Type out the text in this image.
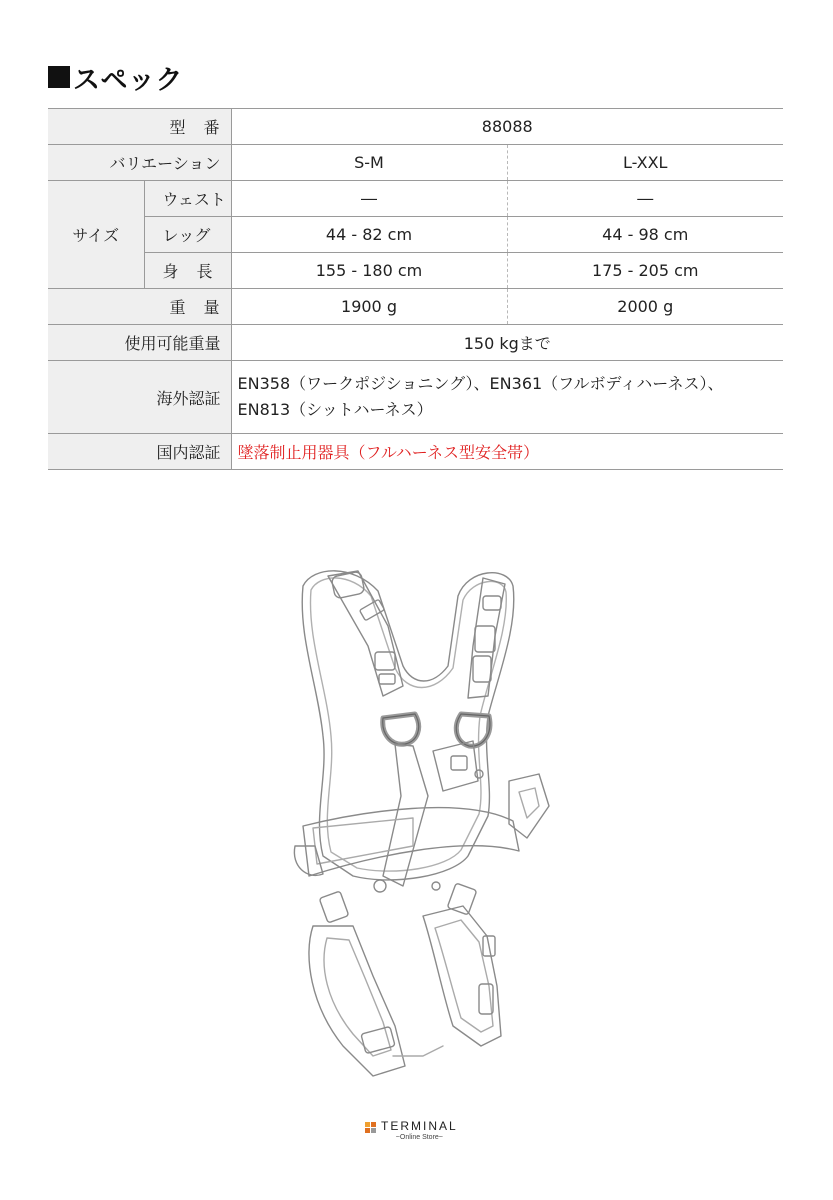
スペック
型　番		88088	
バリエーション		S-M	L-XXL
サイズ	ウェスト	―	―
	レッグ	44 - 82 cm	44 - 98 cm
	身　長	155 - 180 cm	175 - 205 cm
重　量		1900 g	2000 g
使用可能重量		150 kgまで	
海外認証		EN358（ワークポジショニング）、EN361（フルボディハーネス）、
EN813（シットハーネス）	

国内認証		墜落制止用器具（フルハーネス型安全帯）	
TERMINAL
~Online Store~
